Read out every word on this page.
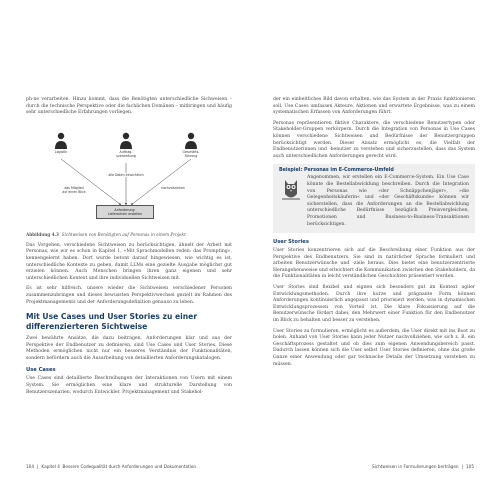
ph·ne verarbeiten. Hinzu kommt, dass die Benötigten unterschiedliche Sichweisen – durch die technische Perspektive oder die fachlichen Domänen – mitbringen und häufig sehr unterschiedliche Erfahrungen vorliegen.

Logistik	Auftrag-
sverwaltung
Geschäfts-
führung
alle Daten einsichtlich
das Mitglied
auf einen Blick
nachvollziehen
Anforderung:
Lieferschein erstellen

Abbildung 4.3 Sichtweisen von Benötigten auf Personas in einem Projekt

Das Vorgehen, verschiedene Sichtweisen zu berücksichtigen, ähnelt der Arbeit mit Personas, wie wir es schon in Kapitel 1, »Mit Sprachmodellen reden: das Prompting«, kennengelernt haben. Dort wurde betont darauf hingewiesen, wie wichtig es ist, unterschiedliche Kontexte zu geben, damit LLMs eine gezielte Ausgabe möglichst gut erzielen können. Auch Menschen bringen ihren ganz eigenen und sehr unterschiedlichen Kontext und ihre individuellen Sichtweisen mit.

Es ist sehr hilfreich, unsere wieder die Sichtweisen verschiedener Personen zusammenzubringen und dieses bewussten Perspektivwechsel gezielt im Rahmen des Projektmanagements und der Anforderungsdefinition genauso zu leben.

Mit Use Cases und User Stories zu einer differenzierteren Sichtweise

Zwei bewährte Ansätze, die dazu beitragen, Anforderungen klar und aus der Perspektive der Endbenutzer zu definieren, sind Use Cases und User Stories. Diese Methoden ermöglichen nicht nur ein besseres Verständnis der Funktionalitäten, sondern befördern auch die Ausarbeitung von detaillierten Anforderungskatalogen.

Use Cases

Use Cases sind detaillierte Beschreibungen der Interaktionen von Usern mit einem System. Sie ermöglichen eine klare und strukturelle Darstellung von Benutzerszenarien, wodurch Entwickler, Projektmanagement und Stakehol-

104 | Kapitel 4 Bessere Codequalität durch Anforderungen und Dokumentation

der ein einheitliches Bild davon erhalten, wie das System in der Praxis funktionieren soll. Use Cases umfassen Akteure, Aktionen und erwartete Ergebnisse, was zu einem systematischen Erfassen von Anforderungen führt.

Personas repräsentieren fiktive Charaktere, die verschiedene Benutzertypen oder Stakeholder-Gruppen verkörpern. Durch die Integration von Personas in Use Cases können verschiedene Sichtweisen und Bedürfnisse der Benutzergruppen berücksichtigt werden. Dieser Ansatz ermöglicht es, die Vielfalt der Endbenutzerinnen und -benutzer zu verstehen und sicherzustellen, dass das System auch unterschiedlichen Anforderungen gerecht wird.

Beispiel: Personas im E-Commerce-Umfeld

Angenommen, wir erstellen ein E-Commerce-System. Ein Use Case könnte die Bestellabwicklung beschreiben. Durch die Integration von Personas wie »der Schnäppchenjäger«, »die Gelegenheitskäuferin« und »der Geschäftskunde« können wir sicherstellen, dass die Anforderungen an die Bestellabwicklung unterschiedliche Bedürfnisse bezüglich Preisvergleichen, Promotionen und Business-to-Business-Transaktionen berücksichtigen.

User Stories

User Stories konzentrieren sich auf die Beschreibung einer Funktion aus der Perspektive des Endbenutzers. Sie sind in natürlicher Sprache formuliert und arbeiten Benutzerwünsche und -ziele heraus. Dies bietet eine benutzerzentrierte Herangehensweise und erleichtert die Kommunikation zwischen den Stakeholdern, da die Funktionalitäten in leicht verständlichen Geschichten präsentiert werden.

User Stories sind flexibel und eignen sich besonders gut im Kontext agiler Entwicklungsmethoden. Durch ihre kurze und prägnante Form können Anforderungen kontinuierlich angepasst und priorisiert werden, was in dynamischen Entwicklungsprozessen von Vorteil ist. Die klare Fokussierung auf die Benutzerwünsche fördert dabei, den Mehrwert einer Funktion für den Endbenutzer im Blick zu behalten und besser zu verstehen.

User Stories zu formulieren, ermöglicht es außerdem, die User direkt mit ins Boot zu holen. Anhand von User Stories kann jeder Nutzer nachvollziehen, wie sich z. B. ein Geschäftsprozess gestaltet und ob dies zum eigenen Anwendungsbereich passt. Dadurch lassen können sich die User selbst User Stories definieren, ohne das große Ganze einer Anwendung oder gar technische Details der Umsetzung verstehen zu müssen.

Sichtweisen in Formulierungen berträgen | 105
